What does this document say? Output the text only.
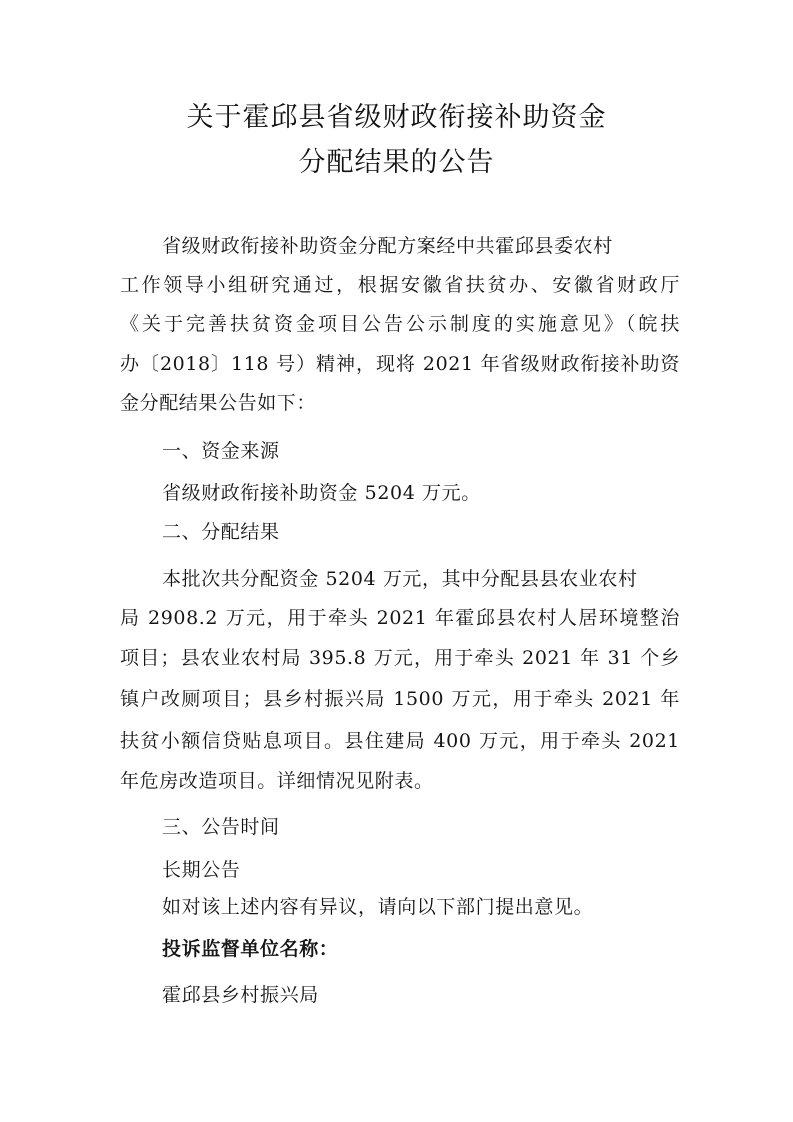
关于霍邱县省级财政衔接补助资金
分配结果的公告
省级财政衔接补助资金分配方案经中共霍邱县委农村
工作领导小组研究通过，根据安徽省扶贫办、安徽省财政厅
《关于完善扶贫资金项目公告公示制度的实施意见》（皖扶
办〔2018〕118 号）精神，现将 2021 年省级财政衔接补助资
金分配结果公告如下：
一、资金来源
省级财政衔接补助资金 5204 万元。
二、分配结果
本批次共分配资金 5204 万元，其中分配县县农业农村
局 2908.2 万元，用于牵头 2021 年霍邱县农村人居环境整治
项目；县农业农村局 395.8 万元，用于牵头 2021 年 31 个乡
镇户改厕项目；县乡村振兴局 1500 万元，用于牵头 2021 年
扶贫小额信贷贴息项目。县住建局 400 万元，用于牵头 2021
年危房改造项目。详细情况见附表。
三、公告时间
长期公告
如对该上述内容有异议，请向以下部门提出意见。
投诉监督单位名称：
霍邱县乡村振兴局
